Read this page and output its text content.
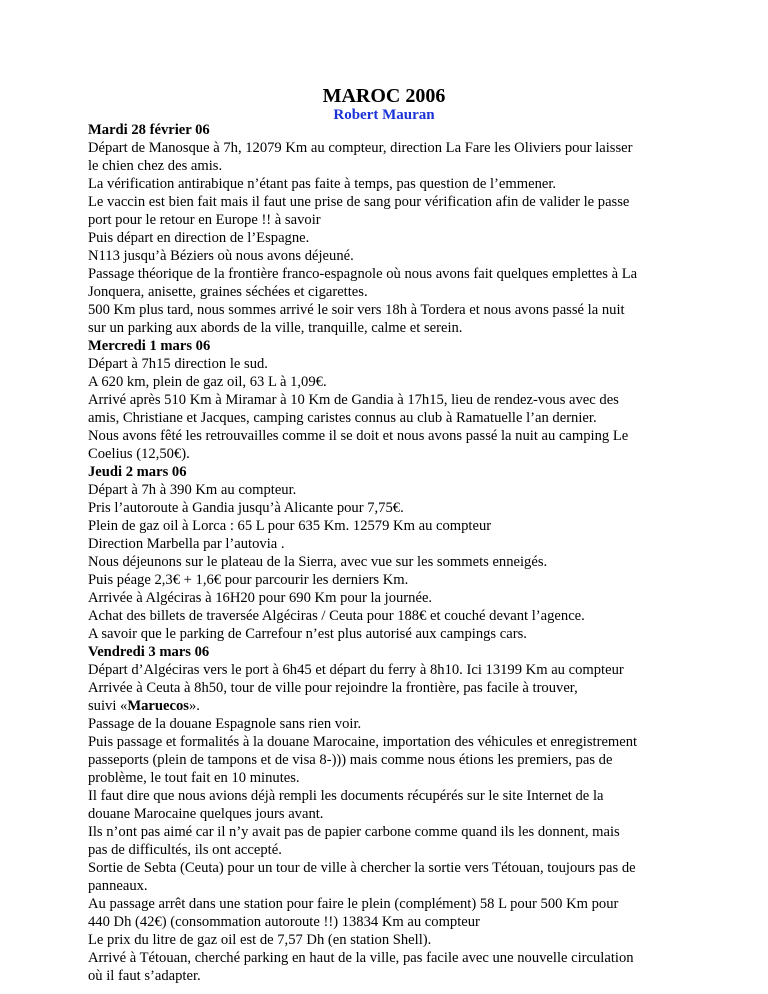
MAROC 2006
Robert Mauran
Mardi 28 février 06
Départ de Manosque à 7h, 12079 Km au compteur, direction La Fare les Oliviers pour laisser
le chien chez des amis.
La vérification antirabique n’étant pas faite à temps, pas question de l’emmener.
Le vaccin est bien fait mais il faut une prise de sang pour vérification afin de valider le passe
port pour le retour en Europe !! à savoir
Puis départ en direction de l’Espagne.
N113 jusqu’à Béziers où nous avons déjeuné.
Passage théorique de la frontière franco-espagnole où nous avons fait quelques emplettes à La
Jonquera, anisette, graines séchées et cigarettes.
500 Km plus tard, nous sommes arrivé le soir vers 18h à Tordera et nous avons passé la nuit
sur un parking aux abords de la ville, tranquille, calme et serein.
Mercredi 1 mars 06
Départ à 7h15 direction le sud.
A 620 km, plein de gaz oil, 63 L à 1,09€.
Arrivé après 510 Km à Miramar à 10 Km de Gandia à 17h15, lieu de rendez-vous avec des
amis, Christiane et Jacques, camping caristes connus au club à Ramatuelle l’an dernier.
Nous avons fêté les retrouvailles comme il se doit et nous avons passé la nuit au camping Le
Coelius (12,50€).
Jeudi 2 mars 06
Départ à 7h à 390 Km au compteur.
Pris l’autoroute à Gandia jusqu’à Alicante pour 7,75€.
Plein de gaz oil à Lorca : 65 L pour 635 Km. 12579 Km au compteur
Direction Marbella par l’autovia .
Nous déjeunons sur le plateau de la Sierra, avec vue sur les sommets enneigés.
Puis péage 2,3€ + 1,6€ pour parcourir les derniers Km.
Arrivée à Algéciras à 16H20 pour 690 Km pour la journée.
Achat des billets de traversée Algéciras / Ceuta pour 188€ et couché devant l’agence.
A savoir que le parking de Carrefour n’est plus autorisé aux campings cars.
Vendredi 3 mars 06
Départ d’Algéciras vers le port à 6h45 et départ du ferry à 8h10. Ici 13199 Km au compteur
Arrivée à Ceuta à 8h50, tour de ville pour rejoindre la frontière, pas facile à trouver,
suivi «Maruecos».
Passage de la douane Espagnole sans rien voir.
Puis passage et formalités à la douane Marocaine, importation des véhicules et enregistrement
passeports (plein de tampons et de visa 8-))) mais comme nous étions les premiers, pas de
problème, le tout fait en 10 minutes.
Il faut dire que nous avions déjà rempli les documents récupérés sur le site Internet de la
douane Marocaine quelques jours avant.
Ils n’ont pas aimé car il n’y avait pas de papier carbone comme quand ils les donnent, mais
pas de difficultés, ils ont accepté.
Sortie de Sebta (Ceuta) pour un tour de ville à chercher la sortie vers Tétouan, toujours pas de
panneaux.
Au passage arrêt dans une station pour faire le plein (complément) 58 L pour 500 Km pour
440 Dh (42€) (consommation autoroute !!) 13834 Km au compteur
Le prix du litre de gaz oil est de 7,57 Dh (en station Shell).
Arrivé à Tétouan, cherché parking en haut de la ville, pas facile avec une nouvelle circulation
où il faut s’adapter.
